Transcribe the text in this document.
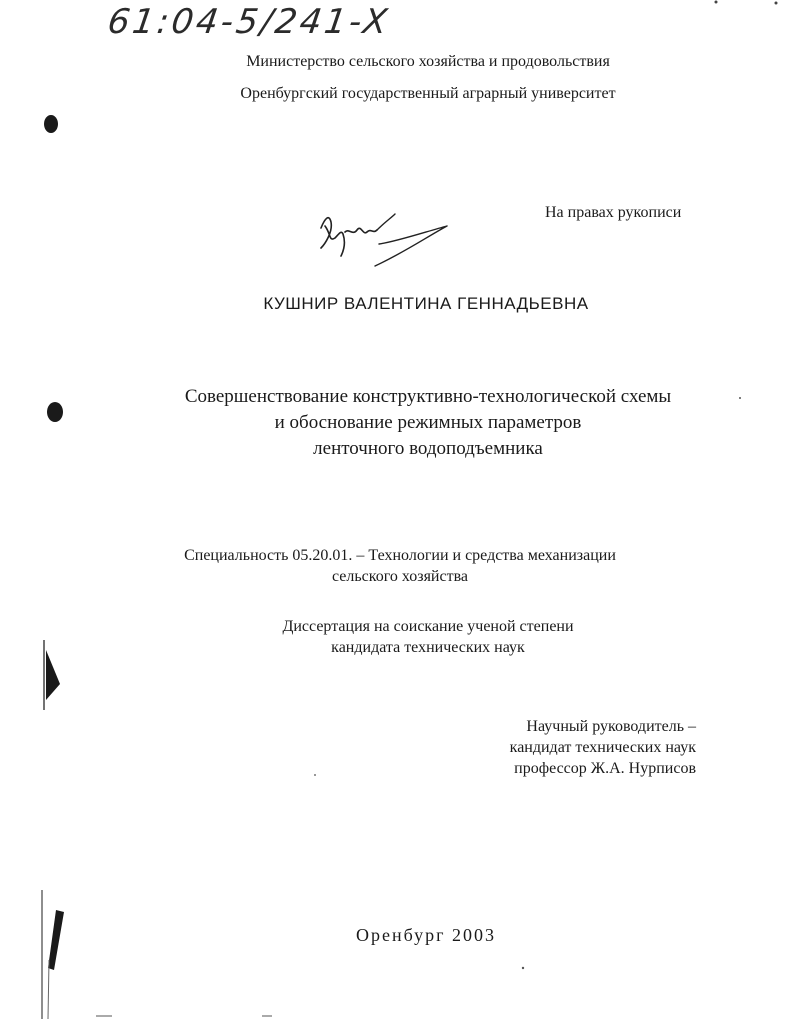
61:04-5/241-X
Министерство сельского хозяйства и продовольствия
Оренбургский государственный аграрный университет
На правах рукописи
КУШНИР ВАЛЕНТИНА ГЕННАДЬЕВНА
Совершенствование конструктивно-технологической схемы
и обоснование режимных параметров
ленточного водоподъемника
Специальность 05.20.01. – Технологии и средства механизации
сельского хозяйства
Диссертация на соискание ученой степени
кандидата технических наук
Научный руководитель –
кандидат технических наук
профессор Ж.А. Нурписов
Оренбург 2003
